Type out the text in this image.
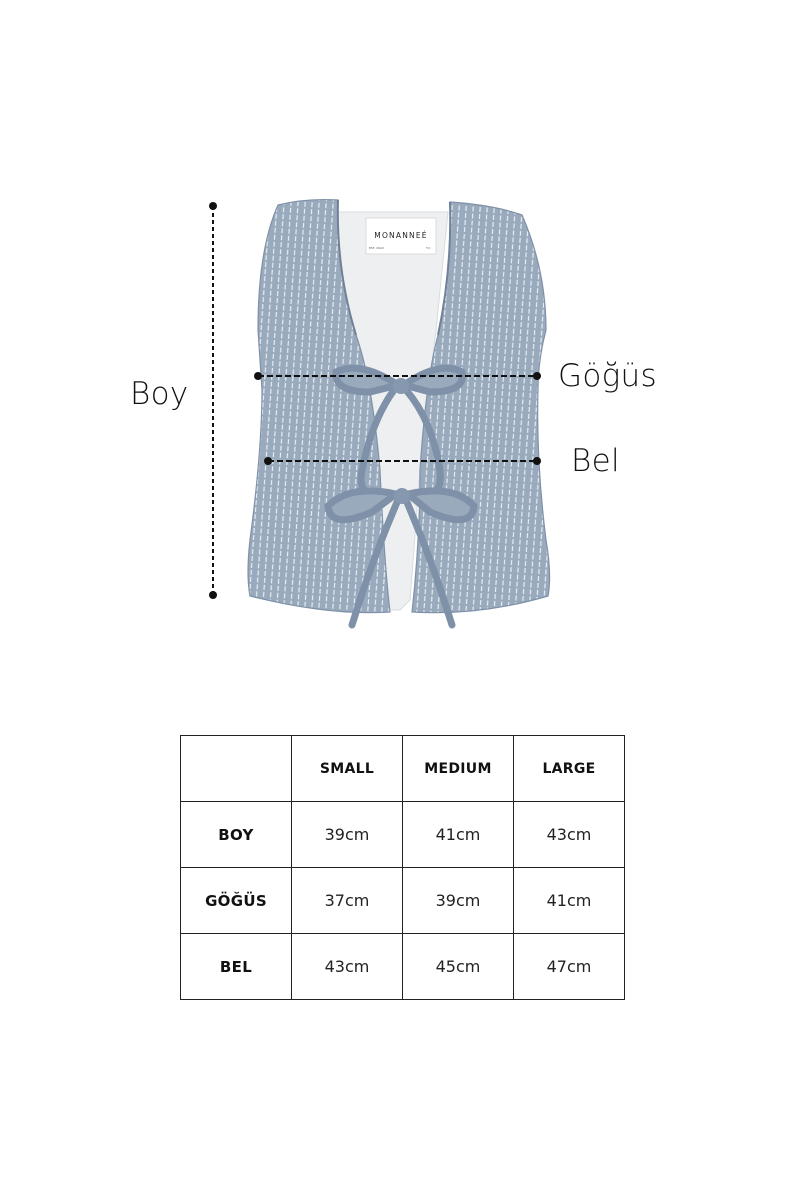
MONANNEÉ
EST. 2022	T.C
Boy	Göğüs
Bel
	SMALL	MEDIUM	LARGE
BOY	39cm	41cm	43cm
GÖĞÜS	37cm	39cm	41cm
BEL	43cm	45cm	47cm
